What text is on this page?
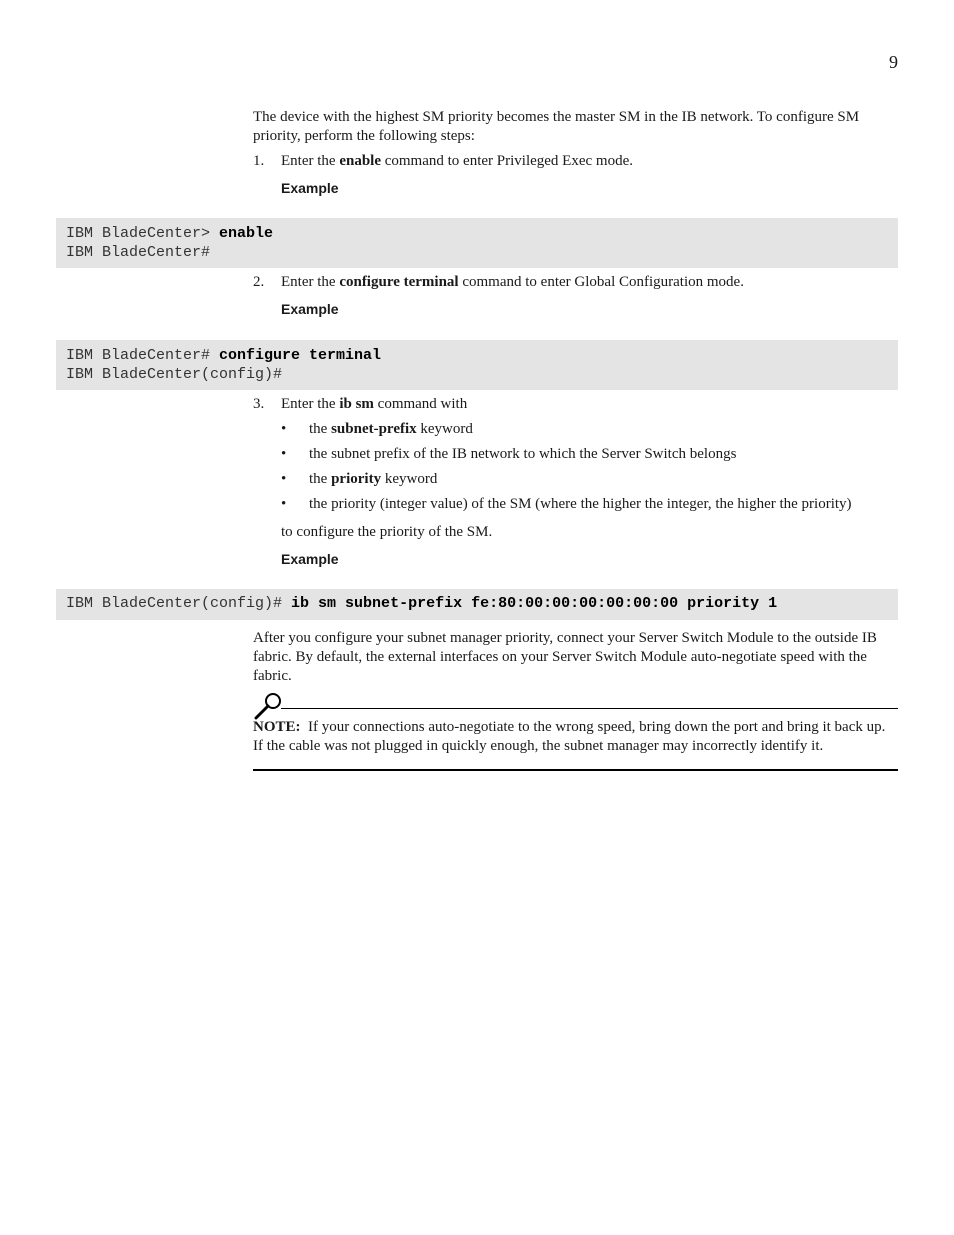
9
The device with the highest SM priority becomes the master SM in the IB network. To configure SM priority, perform the following steps:
1. Enter the enable command to enter Privileged Exec mode.
Example
IBM BladeCenter> enable
IBM BladeCenter#
2. Enter the configure terminal command to enter Global Configuration mode.
Example
IBM BladeCenter# configure terminal
IBM BladeCenter(config)#
3. Enter the ib sm command with
• the subnet-prefix keyword
• the subnet prefix of the IB network to which the Server Switch belongs
• the priority keyword
• the priority (integer value) of the SM (where the higher the integer, the higher the priority)
to configure the priority of the SM.
Example
IBM BladeCenter(config)# ib sm subnet-prefix fe:80:00:00:00:00:00:00 priority 1
After you configure your subnet manager priority, connect your Server Switch Module to the outside IB fabric. By default, the external interfaces on your Server Switch Module auto-negotiate speed with the fabric.
NOTE: If your connections auto-negotiate to the wrong speed, bring down the port and bring it back up. If the cable was not plugged in quickly enough, the subnet manager may incorrectly identify it.
